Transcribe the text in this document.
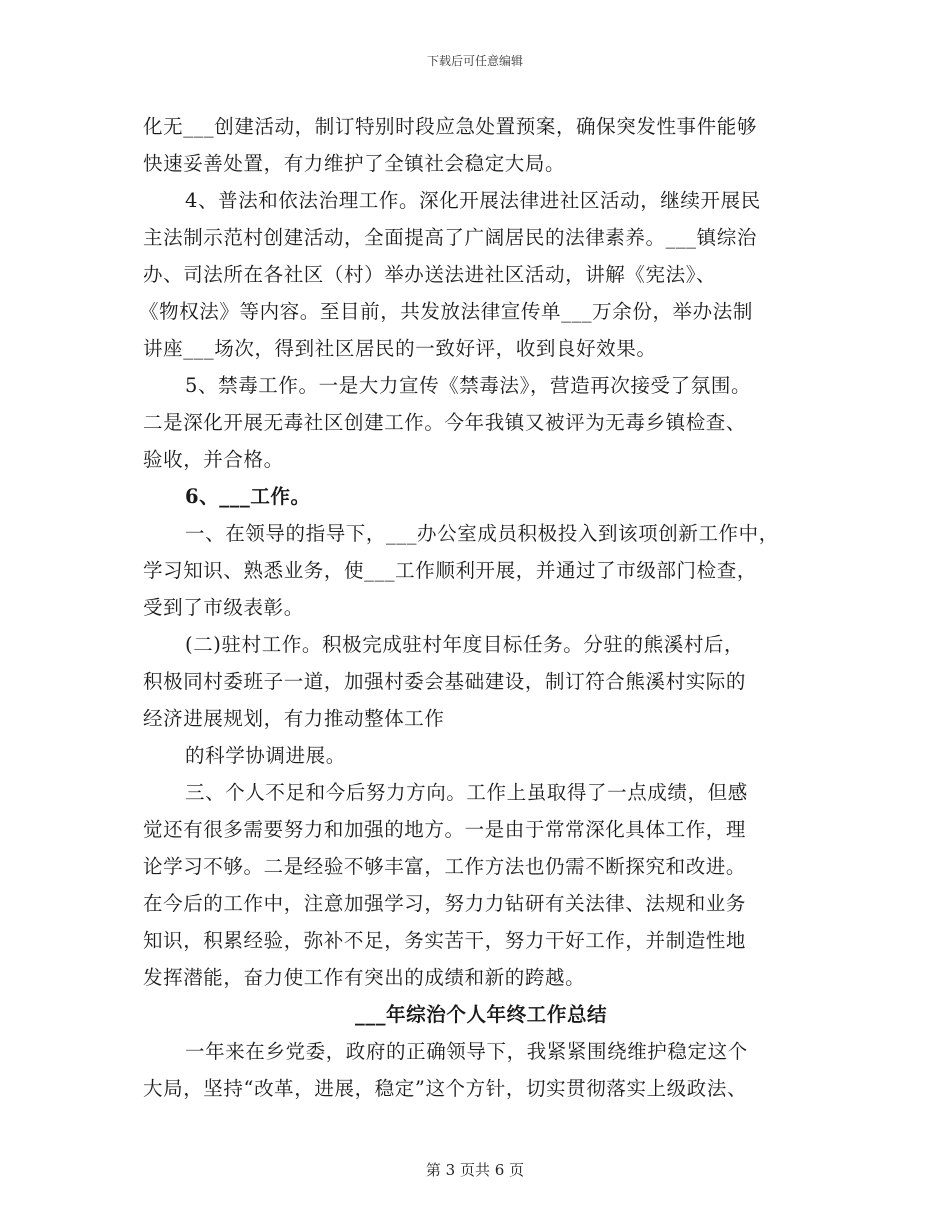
下载后可任意编辑
化无___创建活动，制订特别时段应急处置预案，确保突发性事件能够
快速妥善处置，有力维护了全镇社会稳定大局。
4、普法和依法治理工作。深化开展法律进社区活动，继续开展民
主法制示范村创建活动，全面提高了广阔居民的法律素养。___镇综治
办、司法所在各社区（村）举办送法进社区活动，讲解《宪法》、
《物权法》等内容。至目前，共发放法律宣传单___万余份，举办法制
讲座___场次，得到社区居民的一致好评，收到良好效果。
5、禁毒工作。一是大力宣传《禁毒法》，营造再次接受了氛围。
二是深化开展无毒社区创建工作。今年我镇又被评为无毒乡镇检查、
验收，并合格。
6、___工作。
一、在领导的指导下，___办公室成员积极投入到该项创新工作中，
学习知识、熟悉业务，使___工作顺利开展，并通过了市级部门检查，
受到了市级表彰。
(二)驻村工作。积极完成驻村年度目标任务。分驻的熊溪村后，
积极同村委班子一道，加强村委会基础建设，制订符合熊溪村实际的
经济进展规划，有力推动整体工作
的科学协调进展。
三、个人不足和今后努力方向。工作上虽取得了一点成绩，但感
觉还有很多需要努力和加强的地方。一是由于常常深化具体工作，理
论学习不够。二是经验不够丰富，工作方法也仍需不断探究和改进。
在今后的工作中，注意加强学习，努力力钻研有关法律、法规和业务
知识，积累经验，弥补不足，务实苦干，努力干好工作，并制造性地
发挥潜能，奋力使工作有突出的成绩和新的跨越。
___年综治个人年终工作总结
一年来在乡党委，政府的正确领导下，我紧紧围绕维护稳定这个
大局，坚持“改革，进展，稳定”这个方针，切实贯彻落实上级政法、
第 3 页共 6 页
